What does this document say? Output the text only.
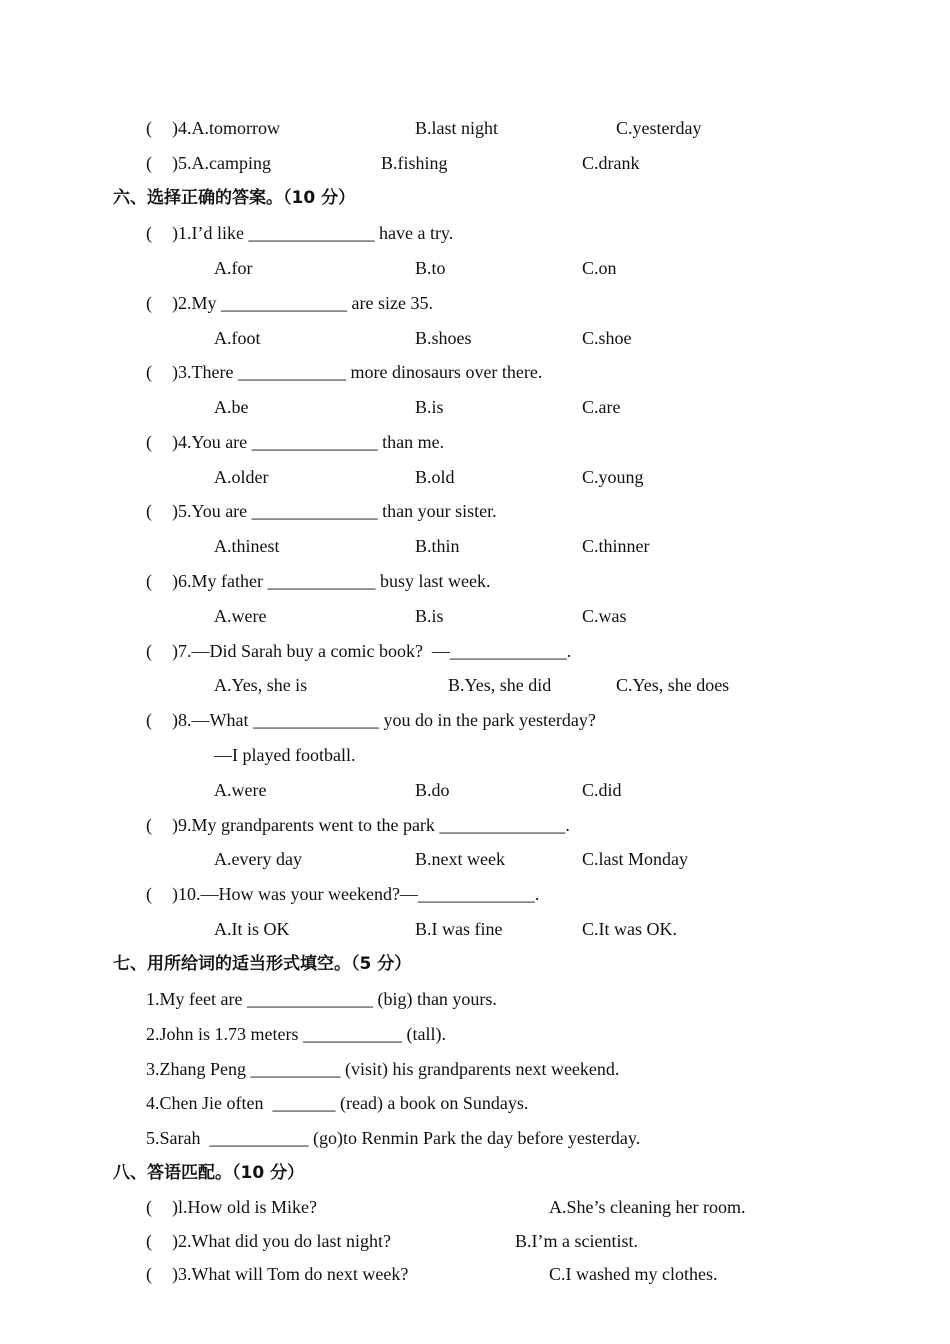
( )4.A.tomorrow	B.last night	C.yesterday
( )5.A.camping	B.fishing	C.drank
六、选择正确的答案。（10 分）
( )1.I’d like ______________ have a try.
A.for	B.to	C.on
( )2.My ______________ are size 35.
A.foot	B.shoes	C.shoe
( )3.There ____________ more dinosaurs over there.
A.be	B.is	C.are
( )4.You are ______________ than me.
A.older	B.old	C.young
( )5.You are ______________ than your sister.
A.thinest	B.thin	C.thinner
( )6.My father ____________ busy last week.
A.were	B.is	C.was
( )7.—Did Sarah buy a comic book?  —_____________.
A.Yes, she is	B.Yes, she did	C.Yes, she does
( )8.—What ______________ you do in the park yesterday?
—I played football.
A.were	B.do	C.did
( )9.My grandparents went to the park ______________.
A.every day	B.next week	C.last Monday
( )10.—How was your weekend?—_____________.
A.It is OK	B.I was fine	C.It was OK.
七、用所给词的适当形式填空。（5 分）
1.My feet are ______________ (big) than yours.
2.John is 1.73 meters ___________ (tall).
3.Zhang Peng __________ (visit) his grandparents next weekend.
4.Chen Jie often  _______ (read) a book on Sundays.
5.Sarah  ___________ (go)to Renmin Park the day before yesterday.
八、答语匹配。（10 分）
( )l.How old is Mike?	A.She’s cleaning her room.
( )2.What did you do last night?	B.I’m a scientist.
( )3.What will Tom do next week?	C.I washed my clothes.
